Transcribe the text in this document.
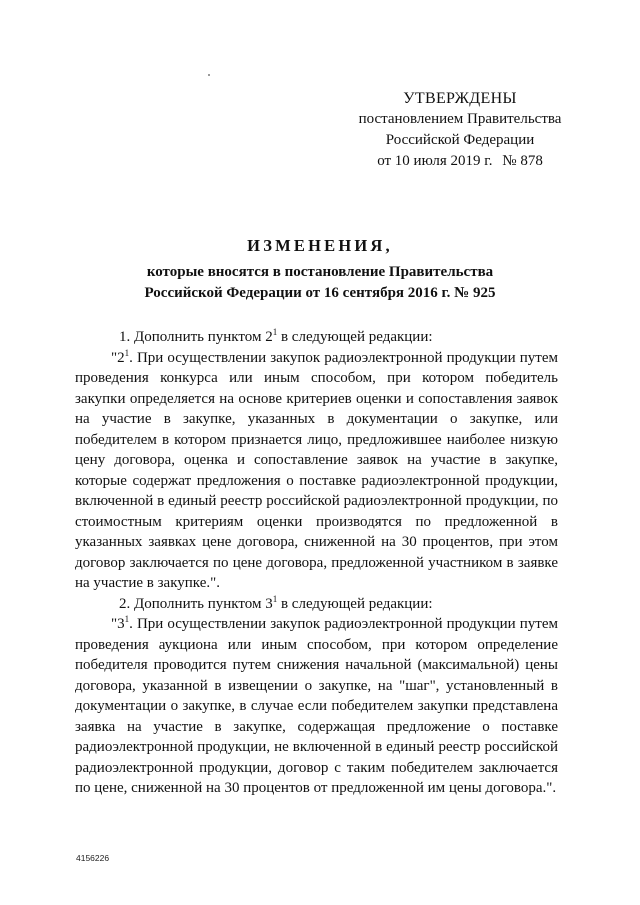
УТВЕРЖДЕНЫ
постановлением Правительства
Российской Федерации
от 10 июля 2019 г. № 878
ИЗМЕНЕНИЯ,
которые вносятся в постановление Правительства
Российской Федерации от 16 сентября 2016 г. № 925

1. Дополнить пунктом $2^1$ в следующей редакции:

"$2^1$. При осуществлении закупок радиоэлектронной продукции путем проведения конкурса или иным способом, при котором победитель закупки определяется на основе критериев оценки и сопоставления заявок на участие в закупке, указанных в документации о закупке, или победителем в котором признается лицо, предложившее наиболее низкую цену договора, оценка и сопоставление заявок на участие в закупке, которые содержат предложения о поставке радиоэлектронной продукции, включенной в единый реестр российской радиоэлектронной продукции, по стоимостным критериям оценки производятся по предложенной в указанных заявках цене договора, сниженной на 30 процентов, при этом договор заключается по цене договора, предложенной участником в заявке на участие в закупке.".

2. Дополнить пунктом $3^1$ в следующей редакции:

"$3^1$. При осуществлении закупок радиоэлектронной продукции путем проведения аукциона или иным способом, при котором определение победителя проводится путем снижения начальной (максимальной) цены договора, указанной в извещении о закупке, на "шаг", установленный в документации о закупке, в случае если победителем закупки представлена заявка на участие в закупке, содержащая предложение о поставке радиоэлектронной продукции, не включенной в единый реестр российской радиоэлектронной продукции, договор с таким победителем заключается по цене, сниженной на 30 процентов от предложенной им цены договора.".

4156226
